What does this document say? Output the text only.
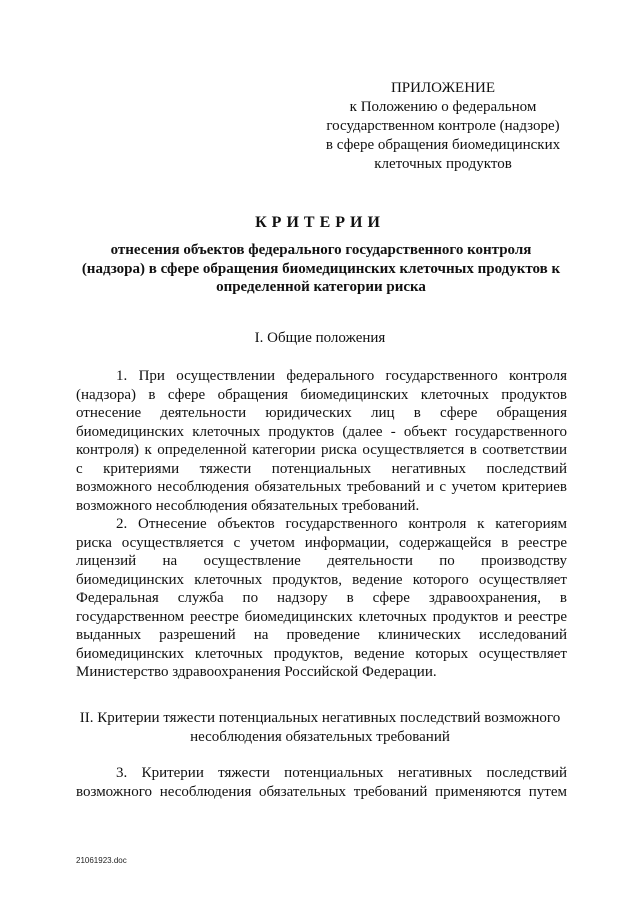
ПРИЛОЖЕНИЕ
к Положению о федеральном
государственном контроле (надзоре)
в сфере обращения биомедицинских
клеточных продуктов
КРИТЕРИИ
отнесения объектов федерального государственного контроля
(надзора) в сфере обращения биомедицинских клеточных продуктов к
определенной категории риска
I. Общие положения
1. При осуществлении федерального государственного контроля
(надзора) в сфере обращения биомедицинских клеточных продуктов
отнесение деятельности юридических лиц в сфере обращения
биомедицинских клеточных продуктов (далее - объект государственного
контроля) к определенной категории риска осуществляется в соответствии
с критериями тяжести потенциальных негативных последствий
возможного несоблюдения обязательных требований и с учетом критериев
возможного несоблюдения обязательных требований.
2. Отнесение объектов государственного контроля к категориям
риска осуществляется с учетом информации, содержащейся в реестре
лицензий на осуществление деятельности по производству
биомедицинских клеточных продуктов, ведение которого осуществляет
Федеральная служба по надзору в сфере здравоохранения, в
государственном реестре биомедицинских клеточных продуктов и реестре
выданных разрешений на проведение клинических исследований
биомедицинских клеточных продуктов, ведение которых осуществляет
Министерство здравоохранения Российской Федерации.
II. Критерии тяжести потенциальных негативных последствий возможного
несоблюдения обязательных требований
3. Критерии тяжести потенциальных негативных последствий
возможного несоблюдения обязательных требований применяются путем
21061923.doc
